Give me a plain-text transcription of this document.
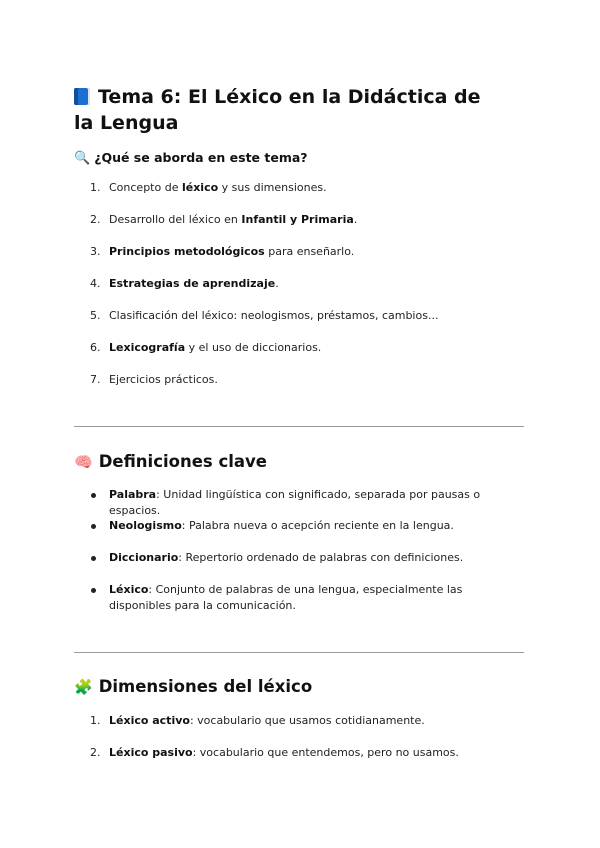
Tema 6: El Léxico en la Didáctica de la Lengua
🔍 ¿Qué se aborda en este tema?
1. Concepto de léxico y sus dimensiones.
2. Desarrollo del léxico en Infantil y Primaria.
3. Principios metodológicos para enseñarlo.
4. Estrategias de aprendizaje.
5. Clasificación del léxico: neologismos, préstamos, cambios...
6. Lexicografía y el uso de diccionarios.
7. Ejercicios prácticos.
🧠 Definiciones clave
Palabra: Unidad lingüística con significado, separada por pausas o espacios.
Neologismo: Palabra nueva o acepción reciente en la lengua.
Diccionario: Repertorio ordenado de palabras con definiciones.
Léxico: Conjunto de palabras de una lengua, especialmente las disponibles para la comunicación.
🧩 Dimensiones del léxico
1. Léxico activo: vocabulario que usamos cotidianamente.
2. Léxico pasivo: vocabulario que entendemos, pero no usamos.
